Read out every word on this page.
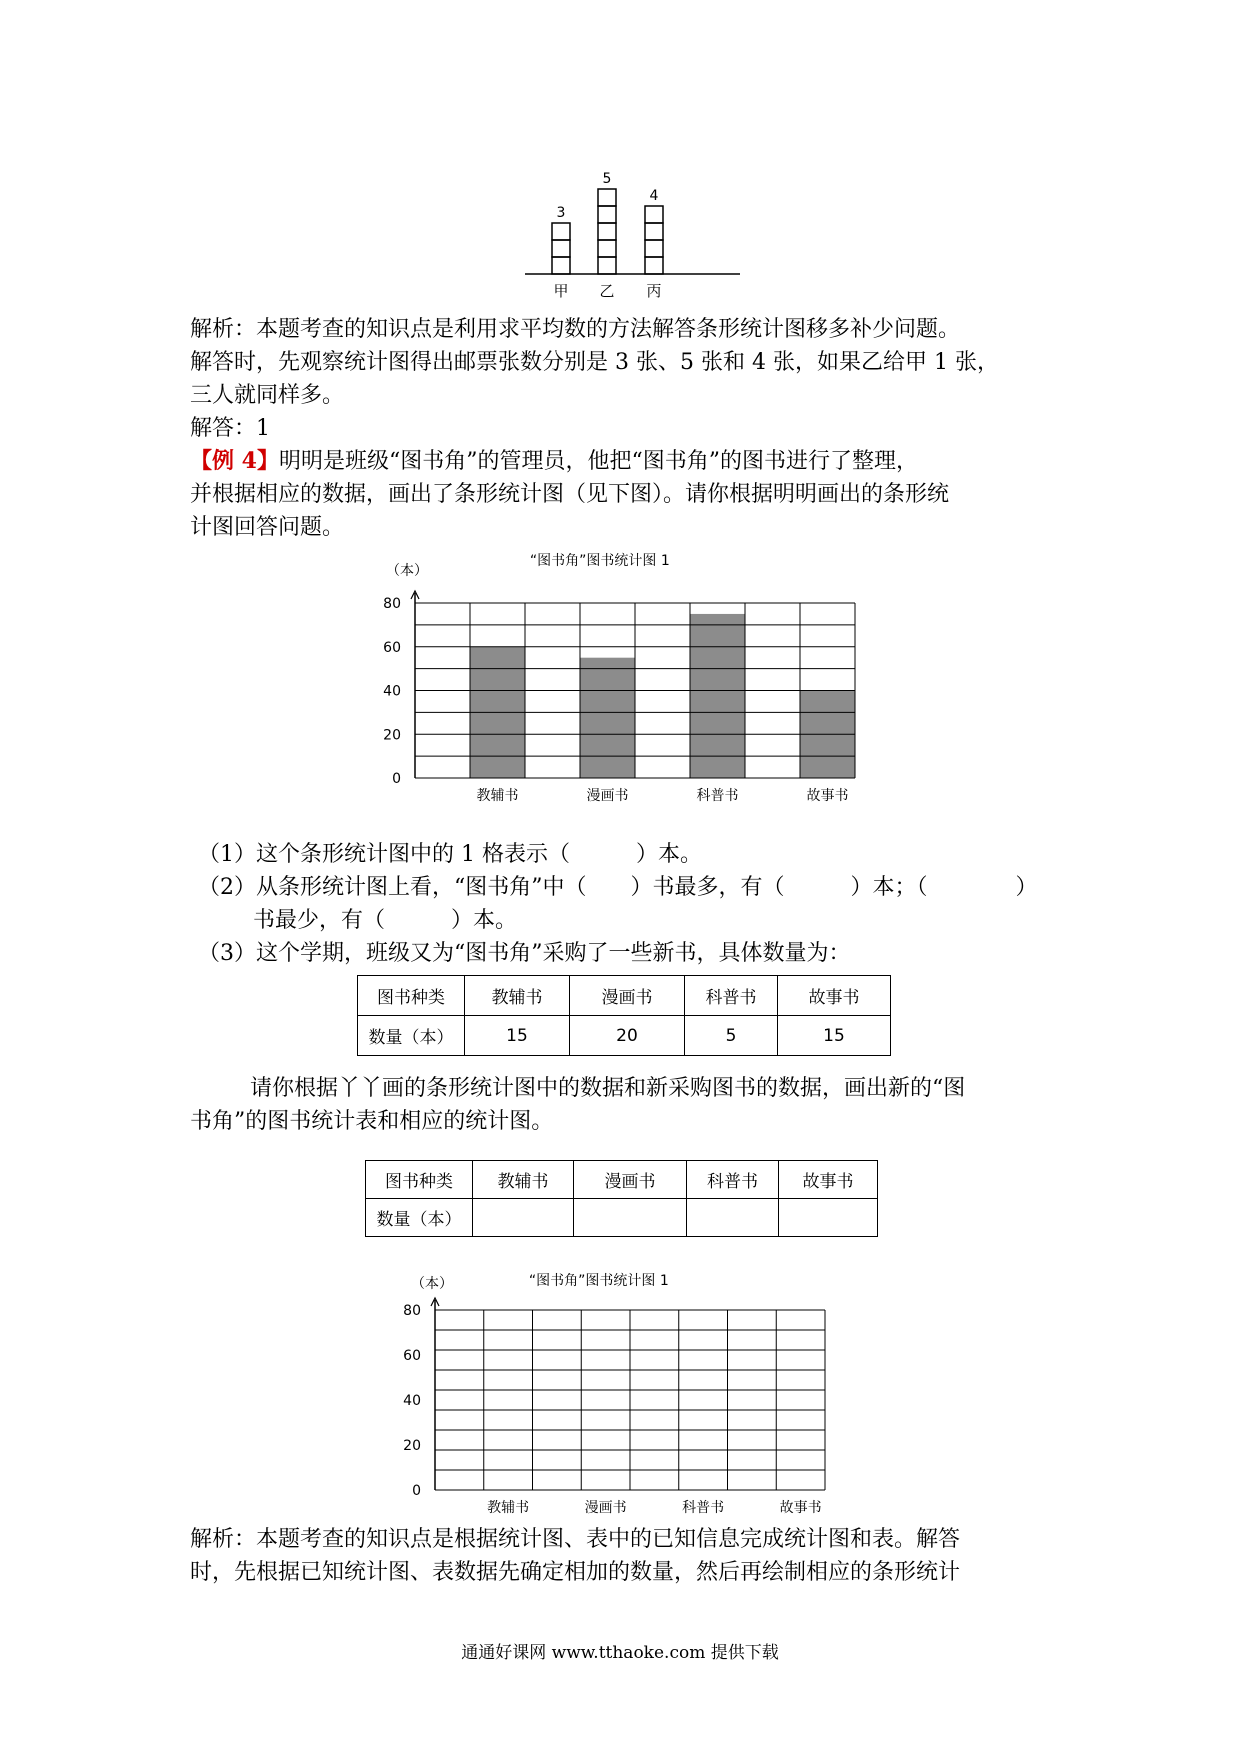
3
甲
5
乙
4
丙
解析：本题考查的知识点是利用求平均数的方法解答条形统计图移多补少问题。
解答时，先观察统计图得出邮票张数分别是 3 张、5 张和 4 张，如果乙给甲 1 张，
三人就同样多。
解答：1
【例 4】明明是班级“图书角”的管理员，他把“图书角”的图书进行了整理，
并根据相应的数据，画出了条形统计图（见下图）。请你根据明明画出的条形统
计图回答问题。
“图书角”图书统计图 1
（本）
0
20
40
60
80
教辅书	漫画书	科普书	故事书
（1）这个条形统计图中的 1 格表示（　　　）本。
（2）从条形统计图上看，“图书角”中（　　）书最多，有（　　　）本；（　　　　）
书最少，有（　　　）本。
（3）这个学期，班级又为“图书角”采购了一些新书，具体数量为：
图书种类	教辅书	漫画书	科普书	故事书
数量（本）	15	20	5	15
请你根据丫丫画的条形统计图中的数据和新采购图书的数据，画出新的“图
书角”的图书统计表和相应的统计图。
图书种类	教辅书	漫画书	科普书	故事书
数量（本）				
“图书角”图书统计图 1
（本）
0
20
40
60
80
教辅书	漫画书	科普书	故事书
解析：本题考查的知识点是根据统计图、表中的已知信息完成统计图和表。解答
时，先根据已知统计图、表数据先确定相加的数量，然后再绘制相应的条形统计
通通好课网 www.tthaoke.com 提供下载
